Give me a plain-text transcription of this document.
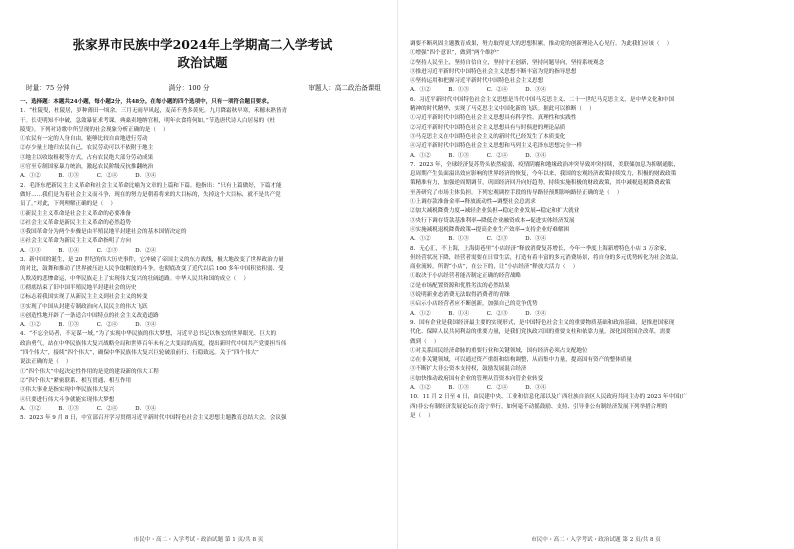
张家界市民族中学2024年上学期高二入学考试

政治试题

时量：75 分钟	满分：100 分	审题人：高二政治备课组

一、选择题：本题共24小题，每小题2分，共48分。在每小题的四个选项中，只有一项符合题目要求。

1．“杜陵叟，杜陵居，岁种薄田一顷余。三月无雨旱风起，麦苗不秀多黄死。九月降霜秋早寒，禾穗未熟皆青

干。长吏明知不申破，急敛暴征求考课。典桑卖地纳官租，明年衣食将何如。”节选唐代诗人白居易的《杜

陵叟》。下列对诗歌中所呈现的社会现象分析正确的是（    ）

①农民有一定的人身自由，能够比较自由地进行劳动

②存少量土地归农民自己，农民劳动可以不依附于地主

③地主以收取租税等方式，占有农民绝大部分劳动成果

④官至专制国家暴力统治，激起农民阶级反抗推翻统治

A．①②          B．①③          C．②④          D．③④

2．毛泽东把新民主主义革命和社会主义革命比喻为文章的上篇和下篇。他指出：“只有上篇做好，下篇才能

做好……我们是为着社会主义而斗争，现在的努力是朝着将来的大目标的，失掉这个大目标，就不是共产党

员了。”对此，下列理解正确的是（    ）

①新民主主义革命是社会主义革命的必要准备

②社会主义革命是新民主主义革命的必然趋势

③我国革命分为两个步骤是由半殖民地半封建社会的基本国情决定的

④社会主义革命为新民主主义革命指明了方向

A．①③          B．①④          C．②③          D．②④

3．新中国的诞生，是 20 世纪的伟大历史事件，它冲破了帝国主义的东方战线，极大地改变了世界政治力量

的对比，鼓舞和推动了世界被压迫人民争取解放的斗争，也彻底改变了近代以后 100 多年中国积贫积弱、受

人欺凌的悲惨命运，中华民族走上了实现伟大复兴的壮阔道路。中华人民共和国的成立（    ）

①彻底结束了旧中国半殖民地半封建社会的历史

②标志着我国实现了从新民主主义到社会主义的转变

③实现了中国从封建专制政治向人民民主的伟大飞跃

④创造性地开辟了一条适合中国特点的社会主义改造道路

A．①②          B．①③          C．②④          D．③④

4．“不忘全局者，不足谋一域。”为了实现中华民族的伟大梦想，习近平总书记以恢宏的世界眼光、巨大的

政治勇气，站在中华民族伟大复兴战略全局和世界百年未有之大变局的高度，提出新时代中国共产党要担当伟

“四个伟大”，接续“四个伟大”，确保中华民族伟大复兴巨轮破浪前行、行稳致远。关于“四个伟大”

说法正确的是（    ）

①“四个伟大”中起决定性作用的是党的建设新的伟大工程

②“四个伟大”紧密联系、相互贯通、相互作用

③伟大事业是指实现中华民族伟大复兴

④只要进行伟大斗争就能实现伟大梦想

A．①②          B．①③          C．②④          D．③④

5．2023 年 9 月 8 日，中宣部召开学习贯彻习近平新时代中国特色社会主义思想主题教育总结大会。会议强

市民中・高二・入学考试・政治试题 第 1 页/共 8 页

调要不断巩固主题教育成果，努力取得更大的思想积累，推动党的创新理论入心见行。为此我们应该（    ）

①增强“四个意识”，做到“两个维护”

②坚持人民至上，坚持自信自立，坚持守正创新，坚持问题导向，坚持系统观念

③推进习近平新时代中国特色社会主义思想不断丰富为党的指导思想

④坚持运用和把握习近平新时代中国特色社会主义思想

A．①②          B．①③          C．②④          D．③④

6．习近平新时代中国特色社会主义思想是当代中国马克思主义、二十一世纪马克思主义，是中华文化和中国

精神的时代精华，实现了马克思主义中国化新的飞跃。据此可以推断（    ）

①习近平新时代中国特色社会主义思想具有科学性、真理性和实践性

②习近平新时代中国特色社会主义思想具有与时俱进的理论品质

③马克思主义在中国特色社会主义的新时代已经发生了本质变化

④习近平新时代中国特色社会主义思想和马列主义毛泽东思想完全一样

A．①②          B．①③          C．②④          D．③④

7．2023 年，全球经济复苏势头依然疲弱，疫情阴霾和地缘政治冲突导致冲突持续，美联储加息为抑制通胀，

息周期产生负面溢出效应影响的世界经济的恢复，今年以来，我国的宏观经济政策持续发力，积极的财政政策

策精准有力，加强逆周期调节，巩固经济回升向好趋势，持续实施积极的财政政策，其中减税退税降费政策

至善研究了市场主体负担。下列宏观调控手段的传导路径预期影响路径正确的是（    ）

①上调存款准备金率→释放流动性→调整社会总需求

②加大减税降费力度→减轻企业负担→稳定企业发展→稳定和扩大就业

③央行下调存贷款基准利率→降低企业融资成本→促进实体经济发展

④实施减税退税降费政策→提高企业生产效率→支持企业好难解困

A．①②          B．①③          C．②③          D．③④

8．无心汇，不上海，上海街巷里“小店经济”释放消费复苏增长，今年一季度上海新增特色小店 3 万余家，

但经营状况下降，经营者需要在日常生活，打造有着丰富的多元消费场景，将自身的多元优势转化为社会效益，

商业流转，所谓“小店”，在公下的，让“小店经济”释放大活力（    ）

①取决于小店经营者能否制定正确的经营战略

②是市场配置资源和优胜劣汰的必然结果

③说明新业态消费无法取得消费者的青睐

④启示小店经营者应不断创新，加强自己的竞争优势

A．①②          B．①④          C．②③          D．③④

9．国有企业是我国经济最主要的实现形式，是中国特色社会主义的重要物质基础和政治基础，是推进国家现

代化、保障人民共同利益的重要力量，是我们党执政兴国的重要支柱和依靠力量。深化国资国企改革，需要

做到（    ）

①对关系国民经济命脉的重要行业和关键领域，国有经济必须占支配地位

②在非关键领域，可以通过资产重组和结构调整，从而集中力量，提高国有资产的整体质量

③不断扩大非公资本支持权，鼓励发展混合经济

④加快推动政府国有企业的管理从管资本向管企业转变

A．①②          B．①③          C．②④          D．③④

10．11 月 2 日至 4 日，由民建中央、工业和信息化部以及广西壮族自治区人民政府共同主办的 2023 年中国(广

西)非公有制经济发展论坛在南宁举行。如何毫不动摇鼓励、支持、引导非公有制经济发展下列举措合理的

是（    ）

市民中・高二・入学考试・政治试题 第 2 页/共 8 页
